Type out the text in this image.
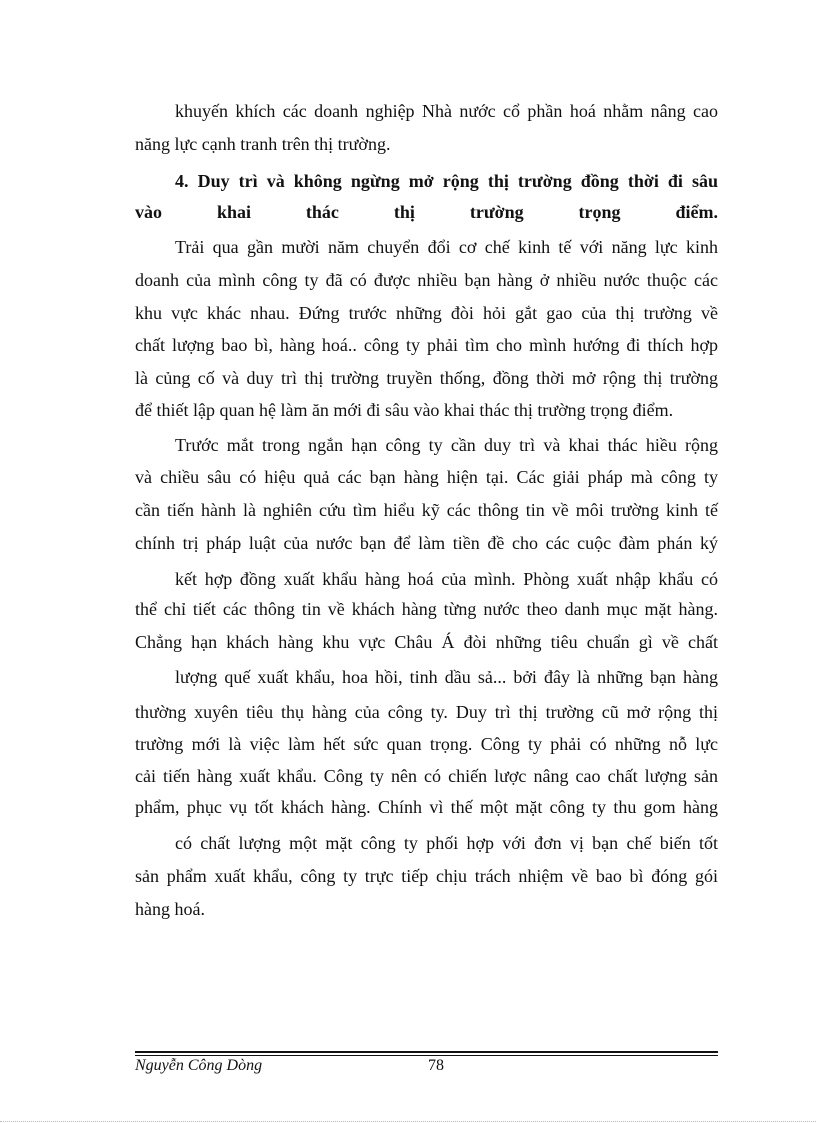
khuyến khích các doanh nghiệp Nhà nước cổ phần hoá nhằm nâng cao
năng lực cạnh tranh trên thị trường.
4. Duy trì và không ngừng mở rộng thị trường đồng thời đi sâu
vào khai thác thị trường trọng điểm.
Trải qua gần mười năm chuyển đổi cơ chế kinh tế với năng lực kinh
doanh của mình công ty đã có được nhiều bạn hàng ở nhiều nước thuộc các
khu vực khác nhau. Đứng trước những đòi hỏi gắt gao của thị trường về
chất lượng bao bì, hàng hoá.. công ty phải tìm cho mình hướng đi thích hợp
là củng cố và duy trì thị trường truyền thống, đồng thời mở rộng thị trường
để thiết lập quan hệ làm ăn mới đi sâu vào khai thác thị trường trọng điểm.
Trước mắt trong ngắn hạn công ty cần duy trì và khai thác hiều rộng
và chiều sâu có hiệu quả các bạn hàng hiện tại. Các giải pháp mà công ty
cần tiến hành là nghiên cứu tìm hiểu kỹ các thông tin về môi trường kinh tế
chính trị pháp luật của nước bạn để làm tiền đề cho các cuộc đàm phán ký
kết hợp đồng xuất khẩu hàng hoá của mình. Phòng xuất nhập khẩu có
thể chỉ tiết các thông tin về khách hàng từng nước theo danh mục mặt hàng.
Chẳng hạn khách hàng khu vực Châu Á đòi những tiêu chuẩn gì về chất
lượng quế xuất khẩu, hoa hồi, tinh dầu sả... bởi đây là những bạn hàng
thường xuyên tiêu thụ hàng của công ty. Duy trì thị trường cũ mở rộng thị
trường mới là việc làm hết sức quan trọng. Công ty phải có những nỗ lực
cải tiến hàng xuất khẩu. Công ty nên có chiến lược nâng cao chất lượng sản
phẩm, phục vụ tốt khách hàng. Chính vì thế một mặt công ty thu gom hàng
có chất lượng một mặt công ty phối hợp với đơn vị bạn chế biến tốt
sản phẩm xuất khẩu, công ty trực tiếp chịu trách nhiệm về bao bì đóng gói
hàng hoá.
Nguyễn Công Dòng	78
